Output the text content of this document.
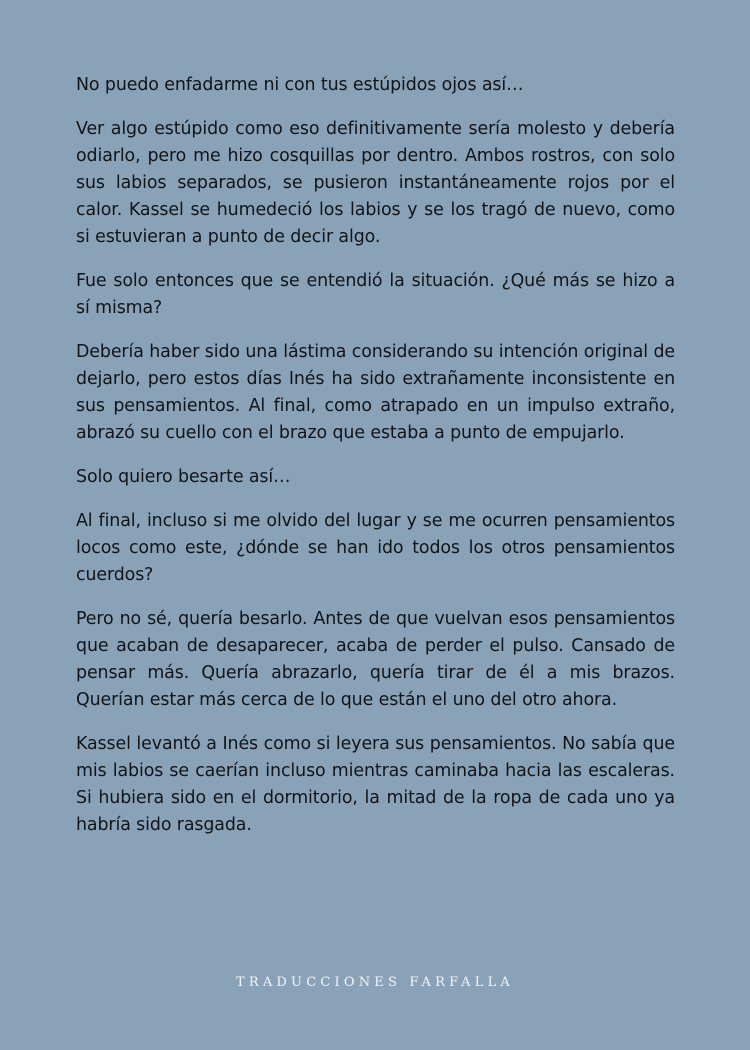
No puedo enfadarme ni con tus estúpidos ojos así…

Ver algo estúpido como eso definitivamente sería molesto y debería odiarlo, pero me hizo cosquillas por dentro. Ambos rostros, con solo sus labios separados, se pusieron instantáneamente rojos por el calor. Kassel se humedeció los labios y se los tragó de nuevo, como si estuvieran a punto de decir algo.

Fue solo entonces que se entendió la situación. ¿Qué más se hizo a sí misma?

Debería haber sido una lástima considerando su intención original de dejarlo, pero estos días Inés ha sido extrañamente inconsistente en sus pensamientos. Al final, como atrapado en un impulso extraño, abrazó su cuello con el brazo que estaba a punto de empujarlo.

Solo quiero besarte así…

Al final, incluso si me olvido del lugar y se me ocurren pensamientos locos como este, ¿dónde se han ido todos los otros pensamientos cuerdos?

Pero no sé, quería besarlo. Antes de que vuelvan esos pensamientos que acaban de desaparecer, acaba de perder el pulso. Cansado de pensar más. Quería abrazarlo, quería tirar de él a mis brazos. Querían estar más cerca de lo que están el uno del otro ahora.

Kassel levantó a Inés como si leyera sus pensamientos. No sabía que mis labios se caerían incluso mientras caminaba hacia las escaleras. Si hubiera sido en el dormitorio, la mitad de la ropa de cada uno ya habría sido rasgada.

TRADUCCIONES FARFALLA
